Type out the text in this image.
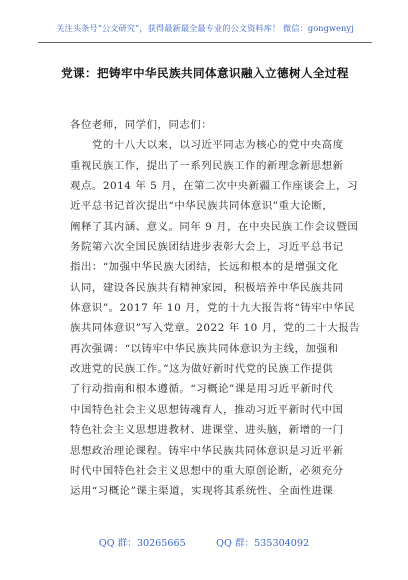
关注头条号“公文研究”，获得最新最全最专业的公文资料库！ 微信：gongwenyj
党课：把铸牢中华民族共同体意识融入立德树人全过程
各位老师，同学们，同志们：
党的十八大以来，以习近平同志为核心的党中央高度
重视民族工作，提出了一系列民族工作的新理念新思想新
观点。2014 年 5 月，在第二次中央新疆工作座谈会上，习
近平总书记首次提出“中华民族共同体意识”重大论断，
阐释了其内涵、意义。同年 9 月，在中央民族工作会议暨国
务院第六次全国民族团结进步表彰大会上，习近平总书记
指出：“加强中华民族大团结，长远和根本的是增强文化
认同，建设各民族共有精神家园，积极培养中华民族共同
体意识”。2017 年 10 月，党的十九大报告将“铸牢中华民
族共同体意识”写入党章。2022 年 10 月，党的二十大报告
再次强调：“以铸牢中华民族共同体意识为主线，加强和
改进党的民族工作。”这为做好新时代党的民族工作提供
了行动指南和根本遵循。“习概论”课是用习近平新时代
中国特色社会主义思想铸魂育人，推动习近平新时代中国
特色社会主义思想进教材、进课堂、进头脑，新增的一门
思想政治理论课程。铸牢中华民族共同体意识是习近平新
时代中国特色社会主义思想中的重大原创论断，必须充分
运用“习概论”课主渠道，实现将其系统性、全面性进课
QQ 群：30265665          QQ 群：535304092
